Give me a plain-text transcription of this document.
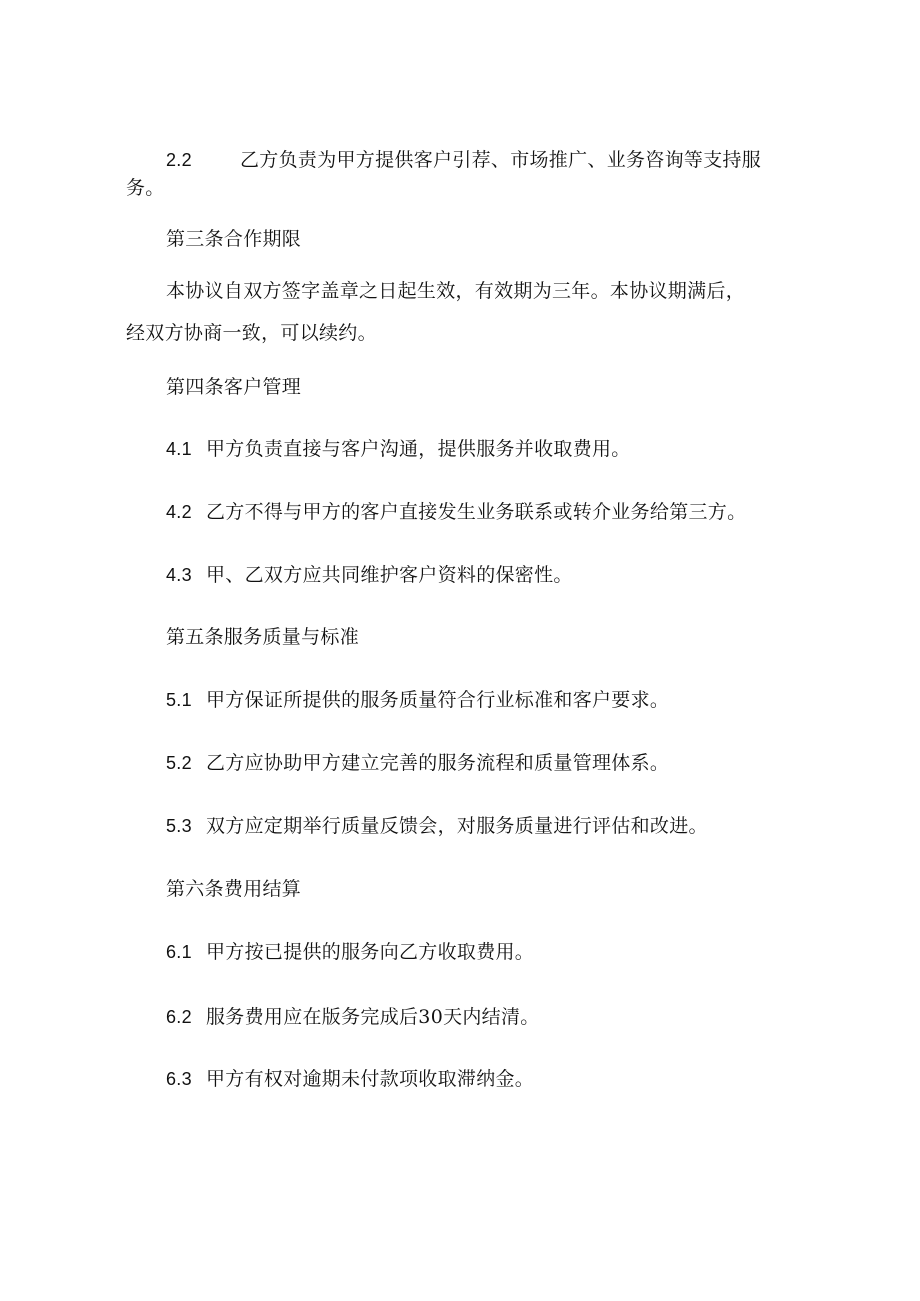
2.2	乙方负责为甲方提供客户引荐、市场推广、业务咨询等支持服
务。
第三条合作期限
本协议自双方签字盖章之日起生效，有效期为三年。本协议期满后，
经双方协商一致，可以续约。
第四条客户管理
4.1 甲方负责直接与客户沟通，提供服务并收取费用。
4.2 乙方不得与甲方的客户直接发生业务联系或转介业务给第三方。
4.3 甲、乙双方应共同维护客户资料的保密性。
第五条服务质量与标准
5.1 甲方保证所提供的服务质量符合行业标准和客户要求。
5.2 乙方应协助甲方建立完善的服务流程和质量管理体系。
5.3 双方应定期举行质量反馈会，对服务质量进行评估和改进。
第六条费用结算
6.1 甲方按已提供的服务向乙方收取费用。
6.2 服务费用应在版务完成后30天内结清。
6.3 甲方有权对逾期未付款项收取滞纳金。
